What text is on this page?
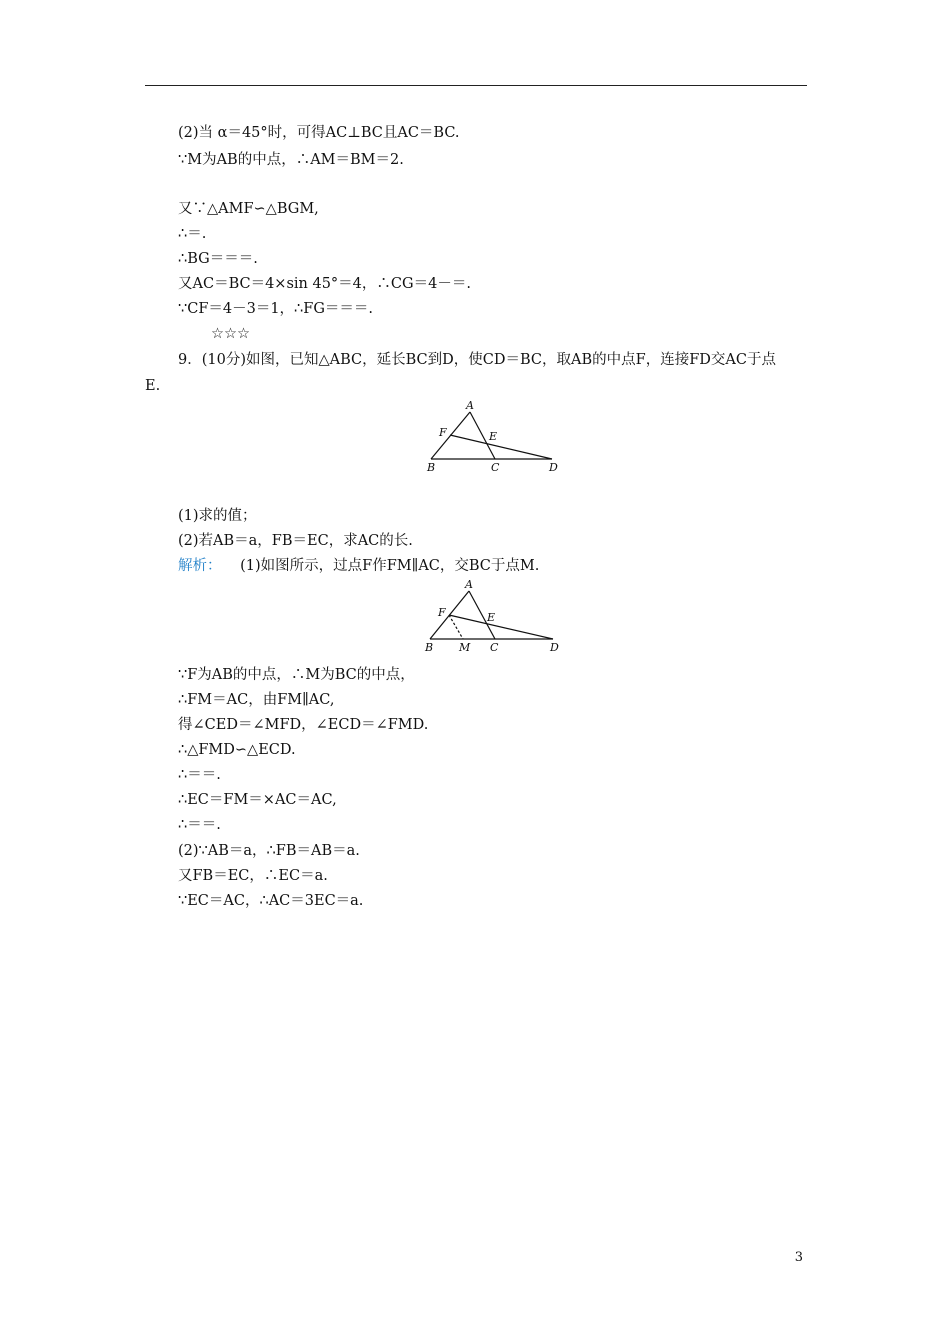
(2)当 α＝45°时，可得AC⊥BC且AC＝BC.
∵M为AB的中点，∴AM＝BM＝2.
又∵△AMF∽△BGM,
∴＝.
∴BG＝＝＝.
又AC＝BC＝4×sin 45°＝4，∴CG＝4－＝.
∵CF＝4－3＝1，∴FG＝＝＝.
☆☆☆
9．(10分)如图，已知△ABC，延长BC到D，使CD＝BC，取AB的中点F，连接FD交AC于点
E.
A
F	E
B	C	D
(1)求的值；
(2)若AB＝a，FB＝EC，求AC的长.
解析： (1)如图所示，过点F作FM∥AC，交BC于点M.
A
F	E
B M C	D
∵F为AB的中点，∴M为BC的中点，
∴FM＝AC，由FM∥AC,
得∠CED＝∠MFD，∠ECD＝∠FMD.
∴△FMD∽△ECD.
∴＝＝.
∴EC＝FM＝×AC＝AC,
∴＝＝.
(2)∵AB＝a，∴FB＝AB＝a.
又FB＝EC，∴EC＝a.
∵EC＝AC，∴AC＝3EC＝a.
3
